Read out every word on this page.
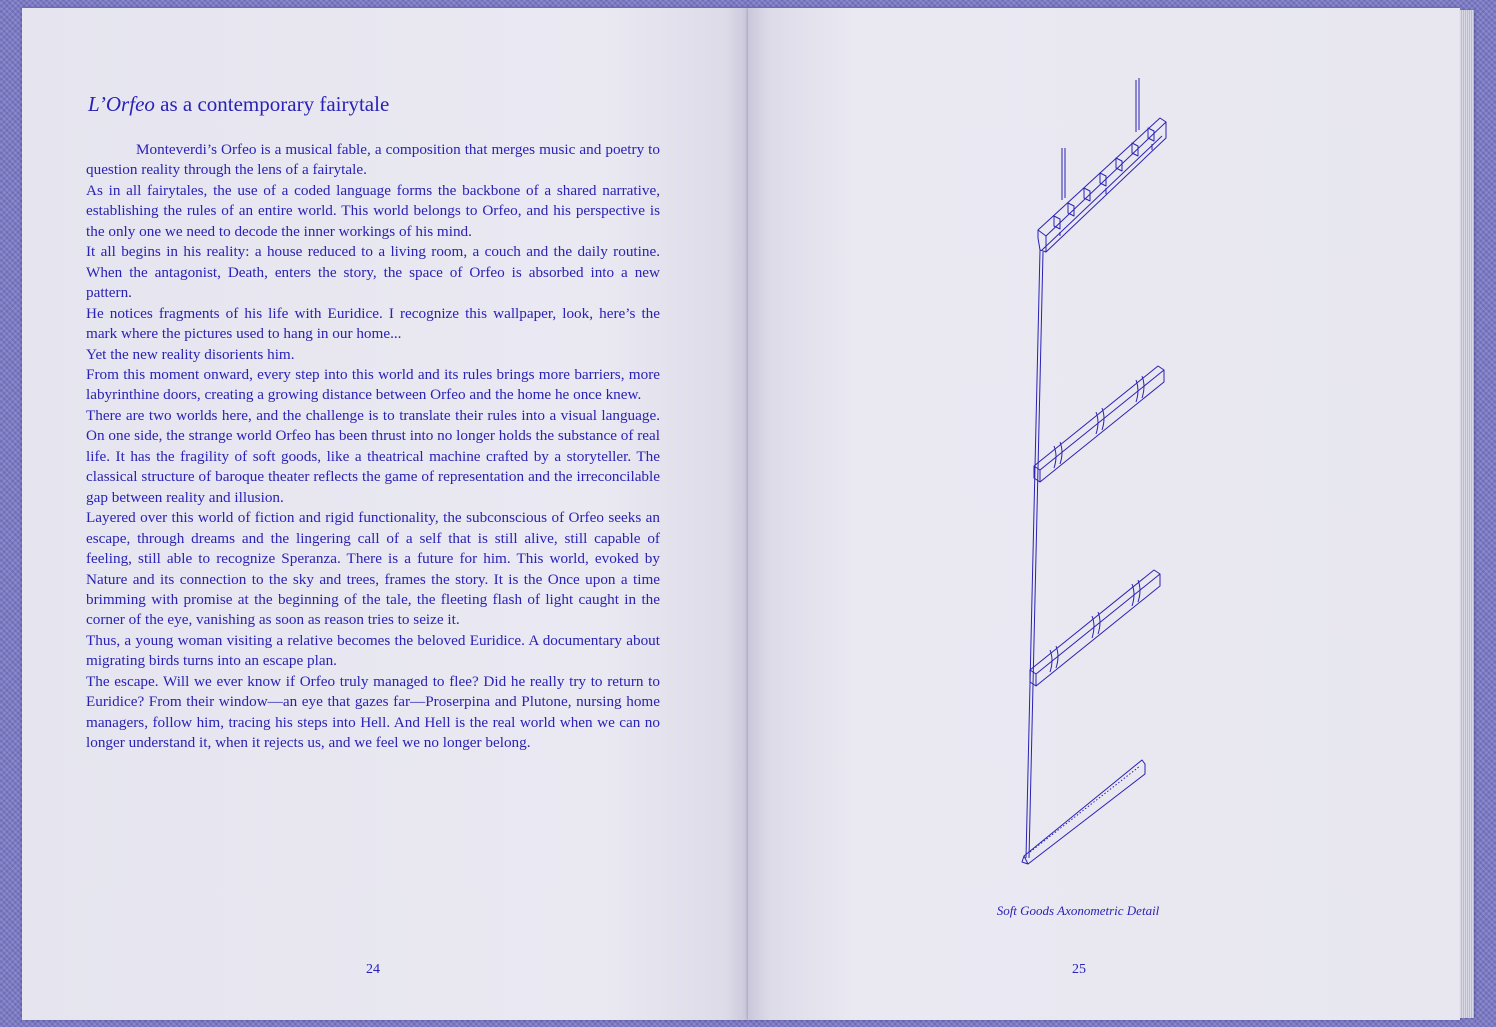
L’Orfeo as a contemporary fairytale

Monteverdi’s Orfeo is a musical fable, a composition that merges music and poetry to question reality through the lens of a fairytale.

As in all fairytales, the use of a coded language forms the backbone of a shared narrative, establishing the rules of an entire world. This world belongs to Orfeo, and his perspective is the only one we need to decode the inner workings of his mind.

It all begins in his reality: a house reduced to a living room, a couch and the daily routine. When the antagonist, Death, enters the story, the space of Orfeo is absorbed into a new pattern.

He notices fragments of his life with Euridice. I recognize this wallpaper, look, here’s the mark where the pictures used to hang in our home...

Yet the new reality disorients him.

From this moment onward, every step into this world and its rules brings more barriers, more labyrinthine doors, creating a growing distance between Orfeo and the home he once knew.

There are two worlds here, and the challenge is to translate their rules into a visual language. On one side, the strange world Orfeo has been thrust into no longer holds the substance of real life. It has the fragility of soft goods, like a theatrical machine crafted by a storyteller. The classical structure of baroque theater reflects the game of representation and the irreconcilable gap between reality and illusion.

Layered over this world of fiction and rigid functionality, the subconscious of Orfeo seeks an escape, through dreams and the lingering call of a self that is still alive, still capable of feeling, still able to recognize Speranza. There is a future for him. This world, evoked by Nature and its connection to the sky and trees, frames the story. It is the Once upon a time brimming with promise at the beginning of the tale, the fleeting flash of light caught in the corner of the eye, vanishing as soon as reason tries to seize it.

Thus, a young woman visiting a relative becomes the beloved Euridice. A documentary about migrating birds turns into an escape plan.

The escape. Will we ever know if Orfeo truly managed to flee? Did he really try to return to Euridice? From their window—an eye that gazes far—Proserpina and Plutone, nursing home managers, follow him, tracing his steps into Hell. And Hell is the real world when we can no longer understand it, when it rejects us, and we feel we no longer belong.

24
Soft Goods Axonometric Detail
25
